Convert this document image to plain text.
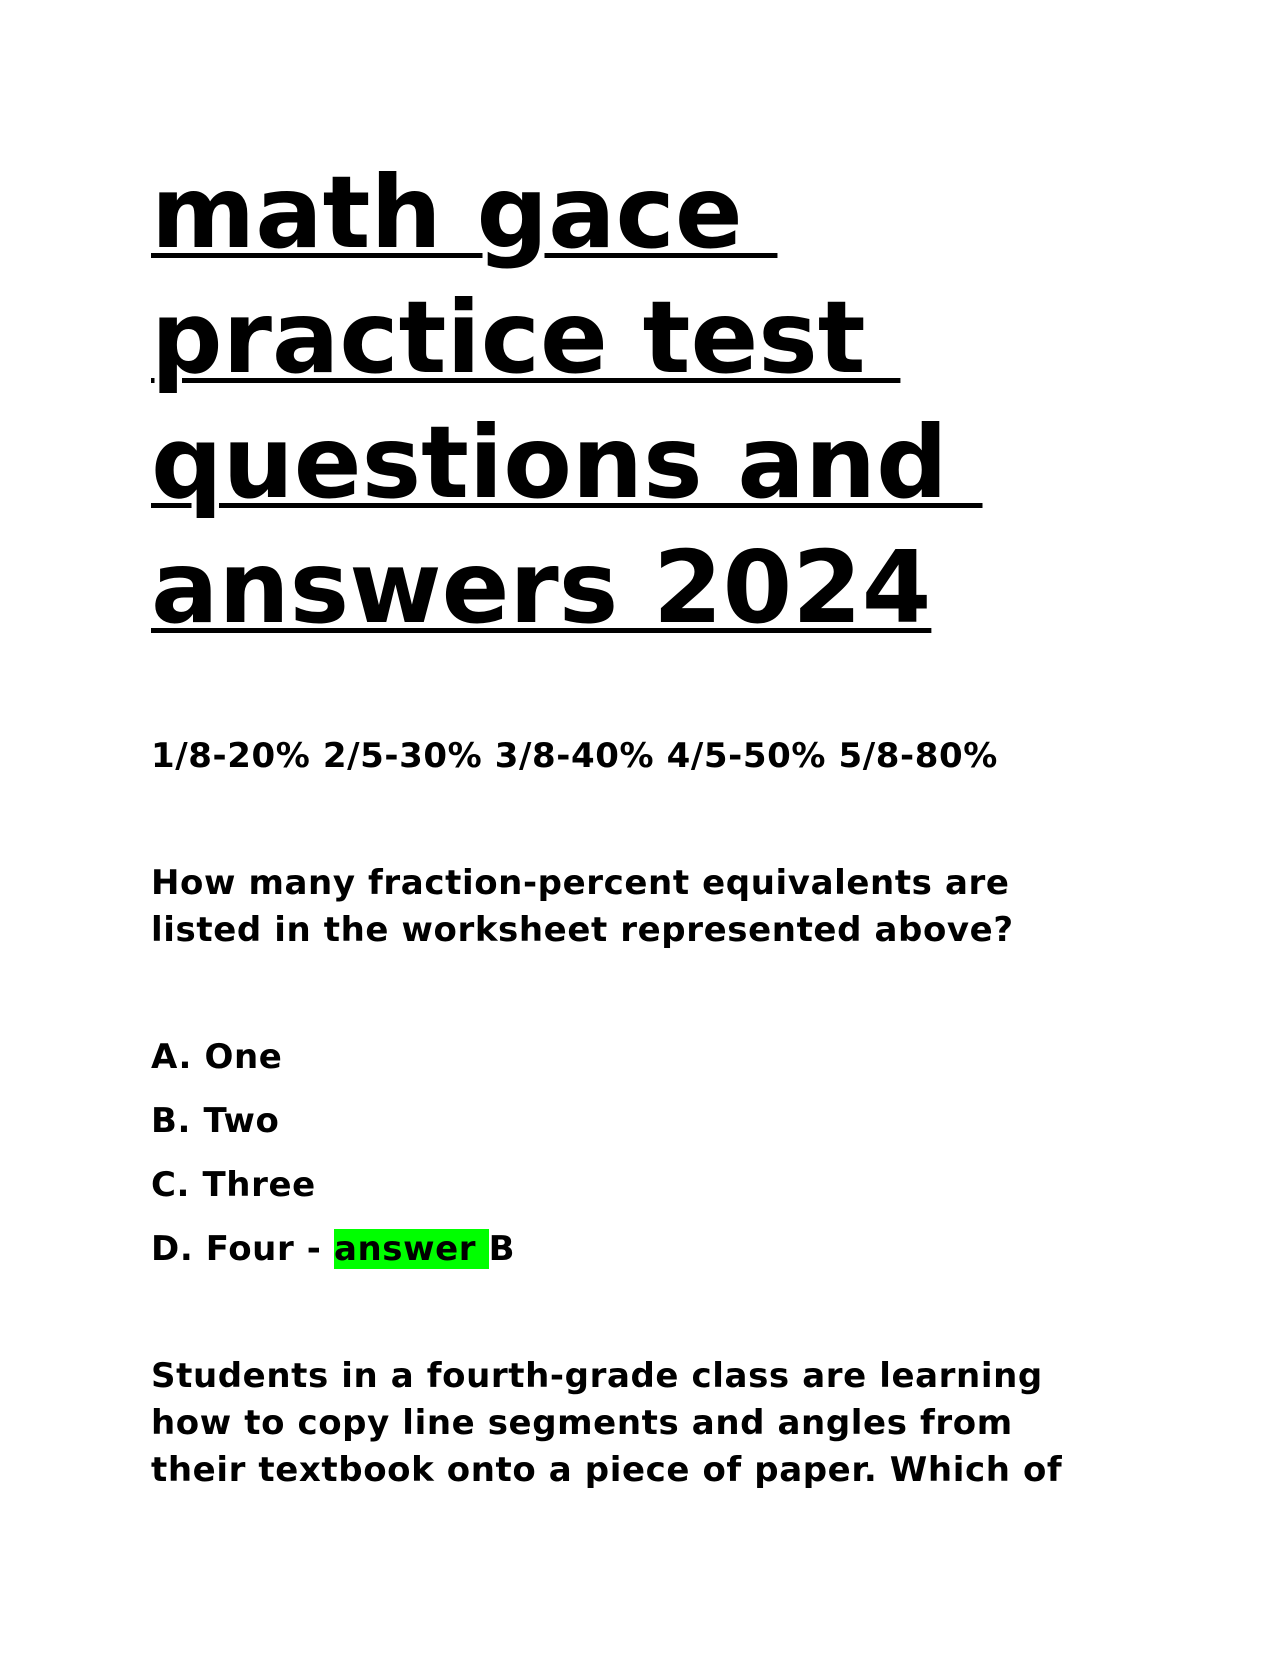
math gace
practice test
questions and
answers 2024

1/8-20% 2/5-30% 3/8-40% 4/5-50% 5/8-80%

How many fraction-percent equivalents are
listed in the worksheet represented above?

A. One
B. Two
C. Three
D. Four - answer B

Students in a fourth-grade class are learning
how to copy line segments and angles from
their textbook onto a piece of paper. Which of
